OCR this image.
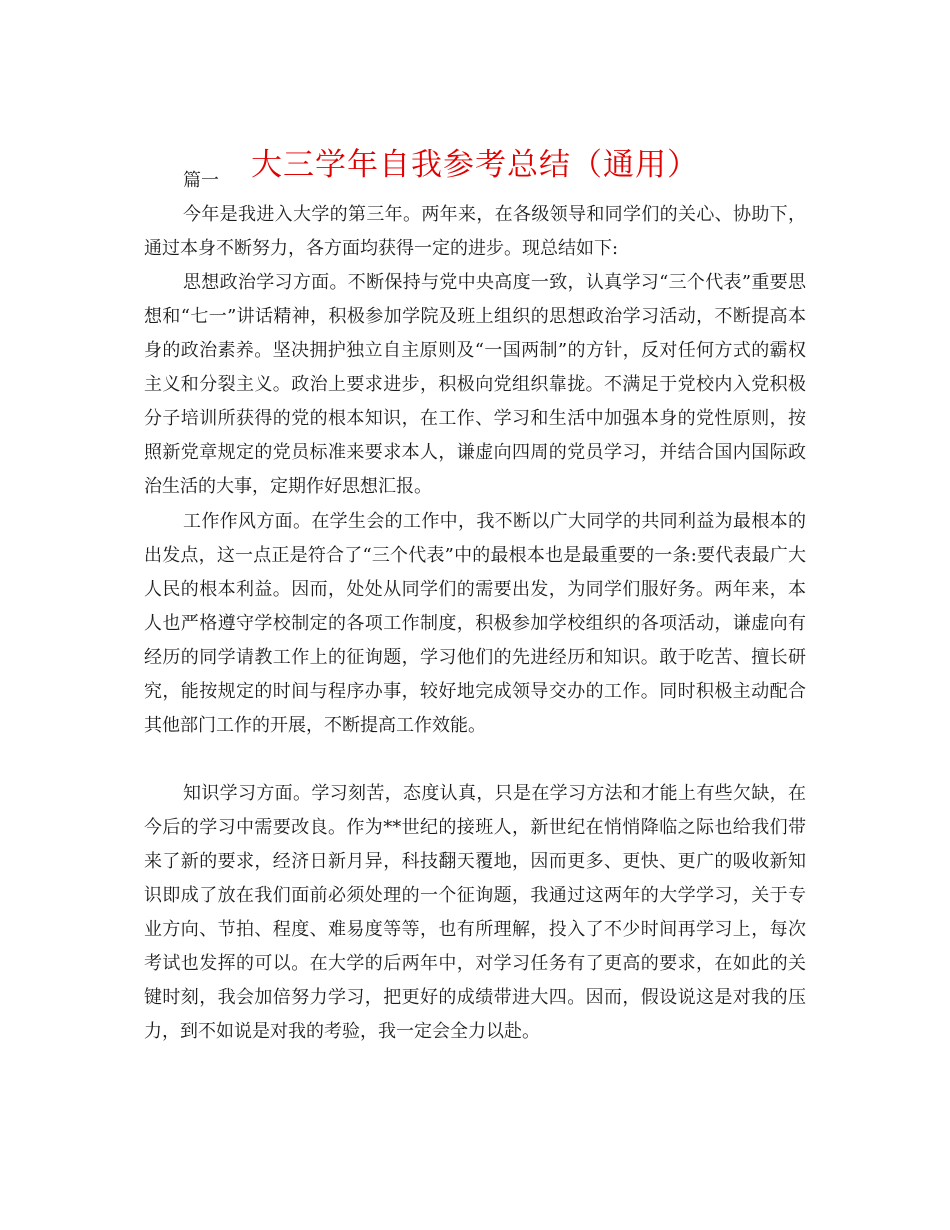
大三学年自我参考总结（通用）
篇一

今年是我进入大学的第三年。两年来，在各级领导和同学们的关心、协助下，通过本身不断努力，各方面均获得一定的进步。现总结如下:

思想政治学习方面。不断保持与党中央高度一致，认真学习“三个代表”重要思想和“七一”讲话精神，积极参加学院及班上组织的思想政治学习活动，不断提高本身的政治素养。坚决拥护独立自主原则及“一国两制”的方针，反对任何方式的霸权主义和分裂主义。政治上要求进步，积极向党组织靠拢。不满足于党校内入党积极分子培训所获得的党的根本知识，在工作、学习和生活中加强本身的党性原则，按照新党章规定的党员标准来要求本人，谦虚向四周的党员学习，并结合国内国际政治生活的大事，定期作好思想汇报。

工作作风方面。在学生会的工作中，我不断以广大同学的共同利益为最根本的出发点，这一点正是符合了“三个代表”中的最根本也是最重要的一条:要代表最广大人民的根本利益。因而，处处从同学们的需要出发，为同学们服好务。两年来，本人也严格遵守学校制定的各项工作制度，积极参加学校组织的各项活动，谦虚向有经历的同学请教工作上的征询题，学习他们的先进经历和知识。敢于吃苦、擅长研究，能按规定的时间与程序办事，较好地完成领导交办的工作。同时积极主动配合其他部门工作的开展，不断提高工作效能。

知识学习方面。学习刻苦，态度认真，只是在学习方法和才能上有些欠缺，在今后的学习中需要改良。作为**世纪的接班人，新世纪在悄悄降临之际也给我们带来了新的要求，经济日新月异，科技翻天覆地，因而更多、更快、更广的吸收新知识即成了放在我们面前必须处理的一个征询题，我通过这两年的大学学习，关于专业方向、节拍、程度、难易度等等，也有所理解，投入了不少时间再学习上，每次考试也发挥的可以。在大学的后两年中，对学习任务有了更高的要求，在如此的关键时刻，我会加倍努力学习，把更好的成绩带进大四。因而，假设说这是对我的压力，到不如说是对我的考验，我一定会全力以赴。
